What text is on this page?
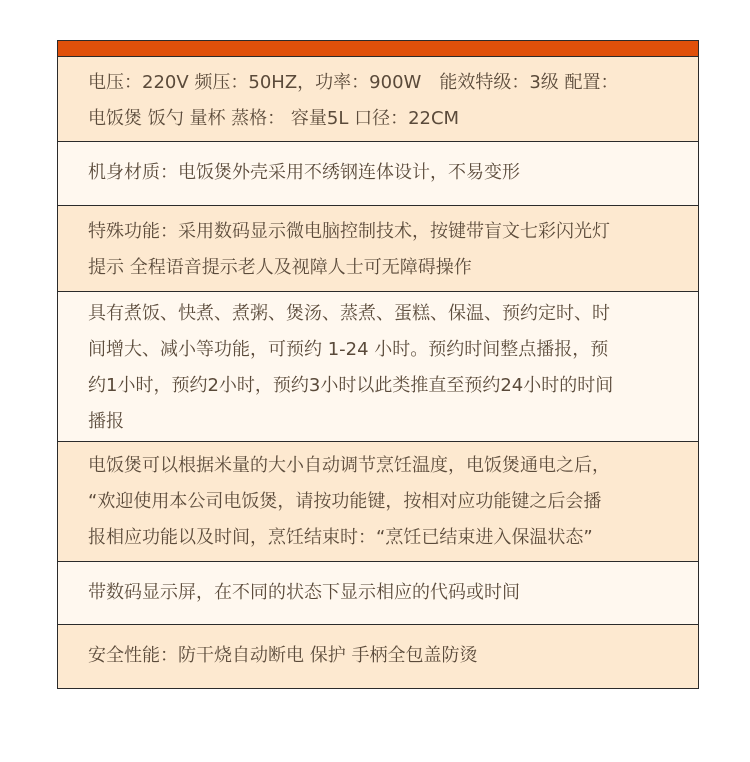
电压：220V 频压：50HZ，功率：900W　能效特级：3级 配置：

电饭煲 饭勺 量杯 蒸格： 容量5L 口径：22CM

机身材质：电饭煲外壳采用不绣钢连体设计，不易变形

特殊功能：采用数码显示微电脑控制技术，按键带盲文七彩闪光灯

提示 全程语音提示老人及视障人士可无障碍操作

具有煮饭、快煮、煮粥、煲汤、蒸煮、蛋糕、保温、预约定时、时

间增大、减小等功能，可预约 1-24 小时。预约时间整点播报，预

约1小时，预约2小时，预约3小时以此类推直至预约24小时的时间

播报

电饭煲可以根据米量的大小自动调节烹饪温度，电饭煲通电之后，

“欢迎使用本公司电饭煲，请按功能键，按相对应功能键之后会播

报相应功能以及时间，烹饪结束时：“烹饪已结束进入保温状态”

带数码显示屏，在不同的状态下显示相应的代码或时间

安全性能：防干烧自动断电 保护 手柄全包盖防烫
